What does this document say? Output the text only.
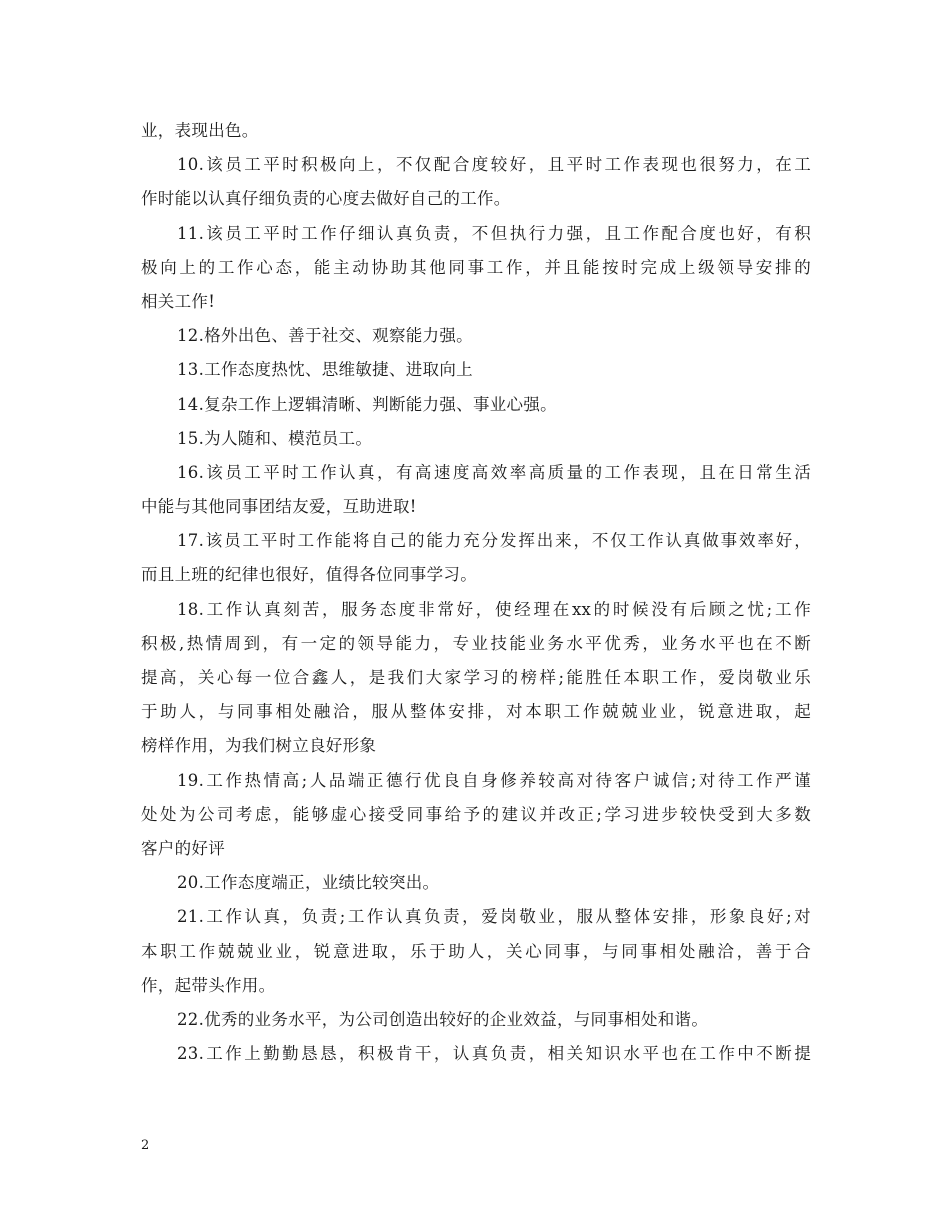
业，表现出色。
10.该员工平时积极向上，不仅配合度较好，且平时工作表现也很努力，在工
作时能以认真仔细负责的心度去做好自己的工作。
11.该员工平时工作仔细认真负责，不但执行力强，且工作配合度也好，有积
极向上的工作心态，能主动协助其他同事工作，并且能按时完成上级领导安排的
相关工作!
12.格外出色、善于社交、观察能力强。
13.工作态度热忱、思维敏捷、进取向上
14.复杂工作上逻辑清晰、判断能力强、事业心强。
15.为人随和、模范员工。
16.该员工平时工作认真，有高速度高效率高质量的工作表现，且在日常生活
中能与其他同事团结友爱，互助进取!
17.该员工平时工作能将自己的能力充分发挥出来，不仅工作认真做事效率好，
而且上班的纪律也很好，值得各位同事学习。
18.工作认真刻苦，服务态度非常好，使经理在xx的时候没有后顾之忧;工作
积极,热情周到，有一定的领导能力，专业技能业务水平优秀，业务水平也在不断
提高，关心每一位合鑫人，是我们大家学习的榜样;能胜任本职工作，爱岗敬业乐
于助人，与同事相处融洽，服从整体安排，对本职工作兢兢业业，锐意进取，起
榜样作用，为我们树立良好形象
19.工作热情高;人品端正德行优良自身修养较高对待客户诚信;对待工作严谨
处处为公司考虑，能够虚心接受同事给予的建议并改正;学习进步较快受到大多数
客户的好评
20.工作态度端正，业绩比较突出。
21.工作认真，负责;工作认真负责，爱岗敬业，服从整体安排，形象良好;对
本职工作兢兢业业，锐意进取，乐于助人，关心同事，与同事相处融洽，善于合
作，起带头作用。
22.优秀的业务水平，为公司创造出较好的企业效益，与同事相处和谐。
23.工作上勤勤恳恳，积极肯干，认真负责，相关知识水平也在工作中不断提
2
